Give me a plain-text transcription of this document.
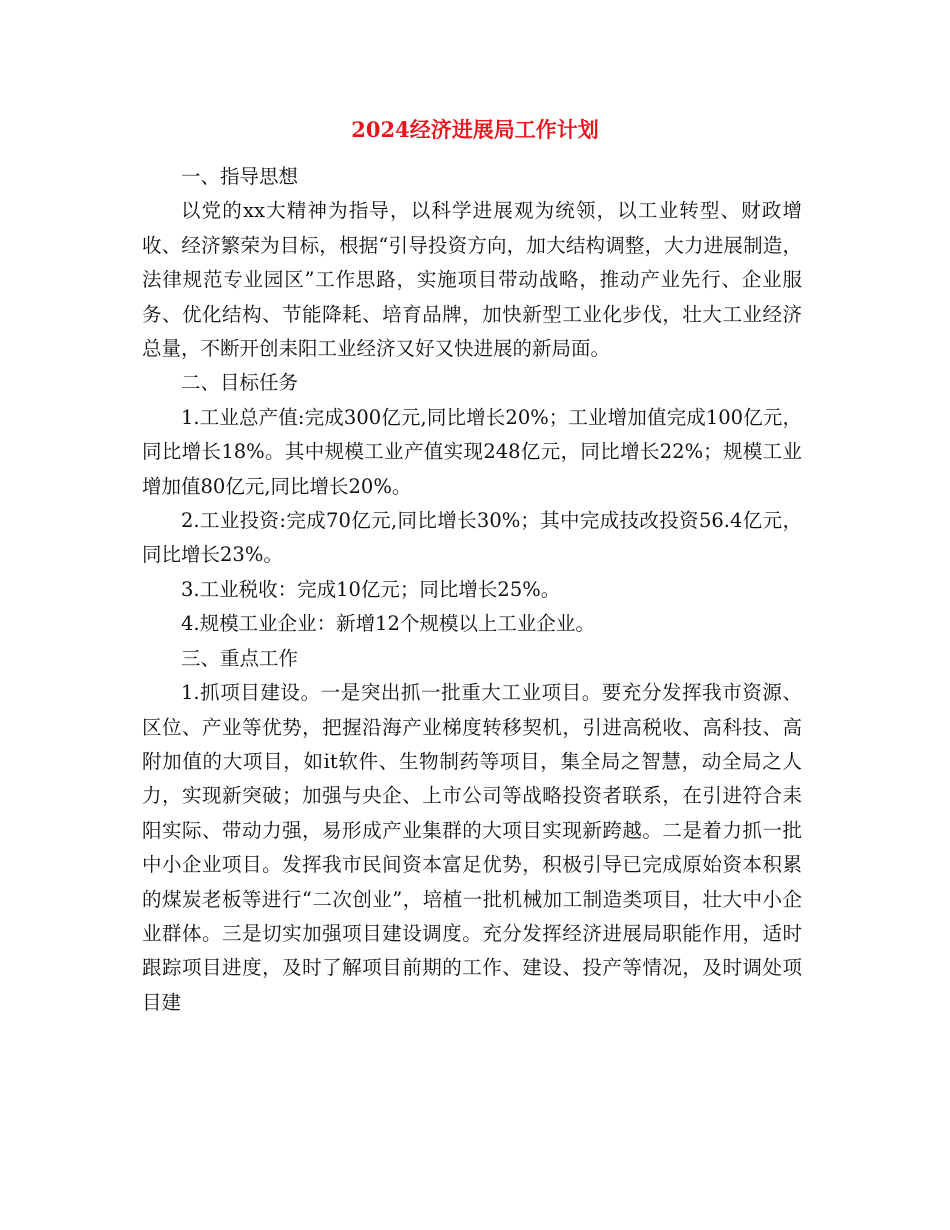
2024经济进展局工作计划

一、指导思想

以党的xx大精神为指导，以科学进展观为统领，以工业转型、财政增收、经济繁荣为目标，根据“引导投资方向，加大结构调整，大力进展制造，法律规范专业园区”工作思路，实施项目带动战略，推动产业先行、企业服务、优化结构、节能降耗、培育品牌，加快新型工业化步伐，壮大工业经济总量，不断开创耒阳工业经济又好又快进展的新局面。

二、目标任务

1.工业总产值:完成300亿元,同比增长20%；工业增加值完成100亿元，同比增长18%。其中规模工业产值实现248亿元，同比增长22%；规模工业增加值80亿元,同比增长20%。

2.工业投资:完成70亿元,同比增长30%；其中完成技改投资56.4亿元，同比增长23%。

3.工业税收：完成10亿元；同比增长25%。

4.规模工业企业：新增12个规模以上工业企业。

三、重点工作

1.抓项目建设。一是突出抓一批重大工业项目。要充分发挥我市资源、区位、产业等优势，把握沿海产业梯度转移契机，引进高税收、高科技、高附加值的大项目，如it软件、生物制药等项目，集全局之智慧，动全局之人力，实现新突破；加强与央企、上市公司等战略投资者联系，在引进符合耒阳实际、带动力强，易形成产业集群的大项目实现新跨越。二是着力抓一批中小企业项目。发挥我市民间资本富足优势，积极引导已完成原始资本积累的煤炭老板等进行“二次创业”，培植一批机械加工制造类项目，壮大中小企业群体。三是切实加强项目建设调度。充分发挥经济进展局职能作用，适时跟踪项目进度，及时了解项目前期的工作、建设、投产等情况，及时调处项目建
